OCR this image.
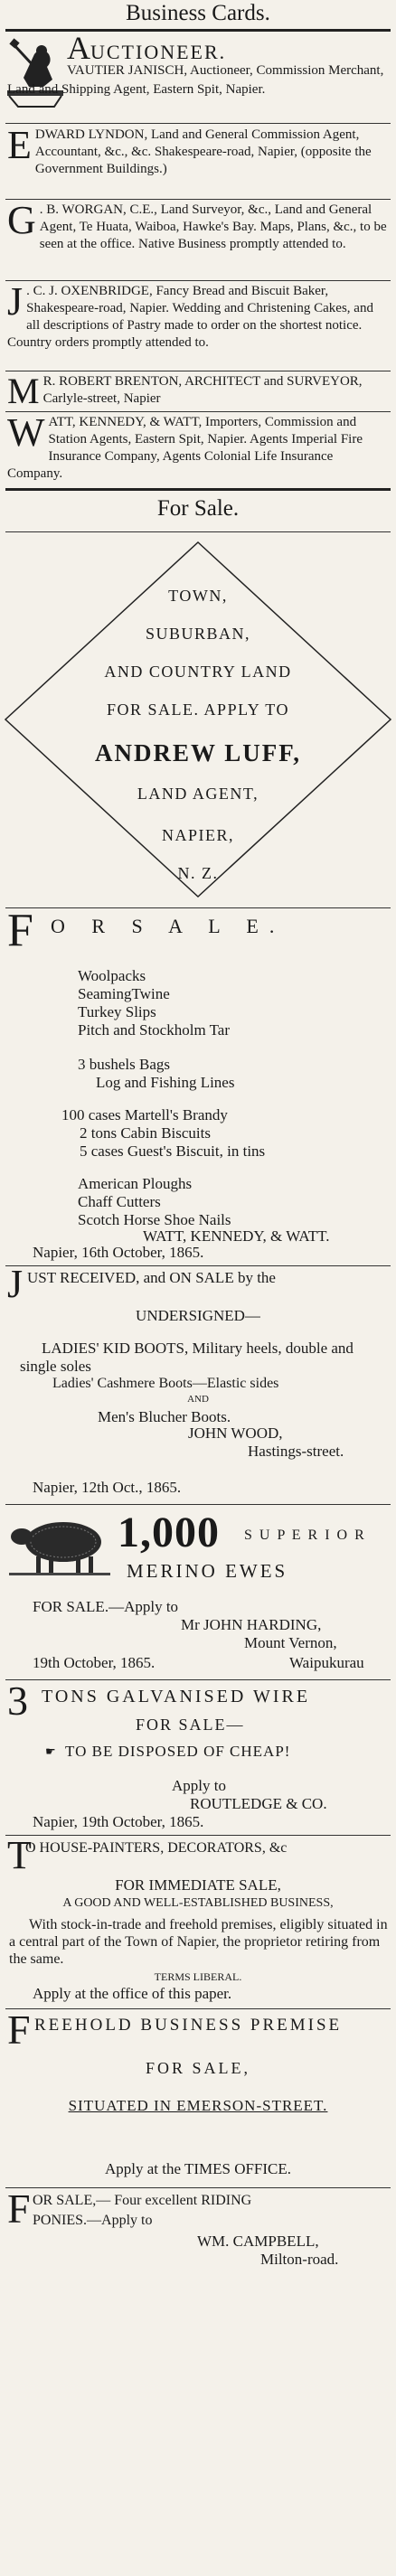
Business Cards.
AUCTIONEER.
VAUTIER JANISCH, Auctioneer, Commission Merchant, Land and Shipping Agent, Eastern Spit, Napier.
EDWARD LYNDON, Land and General Commission Agent, Accountant, &c., &c. Shakespeare-road, Napier, (opposite the Government Buildings.)
G . B. WORGAN, C.E., Land Surveyor, &c., Land and General Agent, Te Huata, Waiboa, Hawke's Bay. Maps, Plans, &c., to be seen at the office. Native Business promptly attended to.
J . C. J. OXENBRIDGE, Fancy Bread and Biscuit Baker, Shakespeare-road, Napier. Wedding and Christening Cakes, and all descriptions of Pastry made to order on the shortest notice. Country orders promptly attended to.
M R. ROBERT BRENTON, ARCHITECT and SURVEYOR, Carlyle-street, Napier
WATT, KENNEDY, & WATT, Importers, Commission and Station Agents, Eastern Spit, Napier. Agents Imperial Fire Insurance Company, Agents Colonial Life Insurance Company.
For Sale.
TOWN,
SUBURBAN,
AND COUNTRY LAND
FOR SALE. APPLY TO
ANDREW LUFF,
LAND AGENT,
NAPIER,
N. Z.
F O R S A L E.
Woolpacks
SeamingTwine
Turkey Slips
Pitch and Stockholm Tar
3 bushels Bags
Log and Fishing Lines
100 cases Martell's Brandy
2 tons Cabin Biscuits
5 cases Guest's Biscuit, in tins
American Ploughs
Chaff Cutters
Scotch Horse Shoe Nails
WATT, KENNEDY, & WATT.
Napier, 16th October, 1865.
J UST RECEIVED, and ON SALE by the
UNDERSIGNED—
LADIES' KID BOOTS, Military heels, double and single soles
Ladies' Cashmere Boots—Elastic sides
AND
Men's Blucher Boots.
JOHN WOOD,
Hastings-street.
Napier, 12th Oct., 1865.
1,000 S U P E R I O R
MERINO EWES
FOR SALE.—Apply to
Mr JOHN HARDING,
Mount Vernon,
19th October, 1865.	Waipukurau
3 TONS GALVANISED WIRE
FOR SALE—
☛ TO BE DISPOSED OF CHEAP!
Apply to
ROUTLEDGE & CO.
Napier, 19th October, 1865.
T
O HOUSE-PAINTERS, DECORATORS, &c
FOR IMMEDIATE SALE,
A GOOD AND WELL-ESTABLISHED BUSINESS,
With stock-in-trade and freehold premises, eligibly situated in a central part of the Town of Napier, the proprietor retiring from the same.
TERMS LIBERAL.
Apply at the office of this paper.
F REEHOLD BUSINESS PREMISE
FOR SALE,
SITUATED IN EMERSON-STREET.
Apply at the TIMES OFFICE.
F OR SALE,— Four excellent RIDING
PONIES.—Apply to
WM. CAMPBELL,
Milton-road.
